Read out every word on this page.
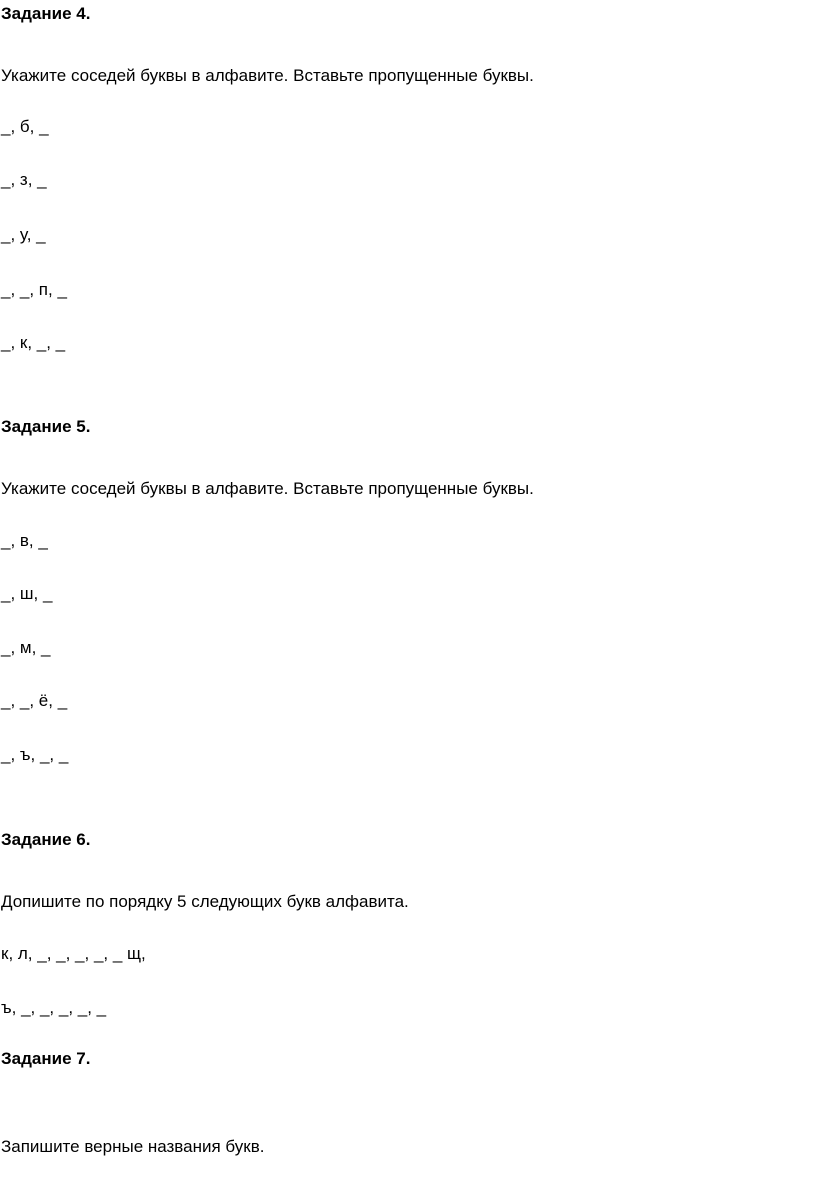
Задание 4.
Укажите соседей буквы в алфавите. Вставьте пропущенные буквы.
_, б, _
_, з, _
_, у, _
_, _, п, _
_, к, _, _
Задание 5.
Укажите соседей буквы в алфавите. Вставьте пропущенные буквы.
_, в, _
_, ш, _
_, м, _
_, _, ё, _
_, ъ, _, _
Задание 6.
Допишите по порядку 5 следующих букв алфавита.
к, л, _, _, _, _, _ щ,
ъ, _, _, _, _, _
Задание 7.
Запишите верные названия букв.
